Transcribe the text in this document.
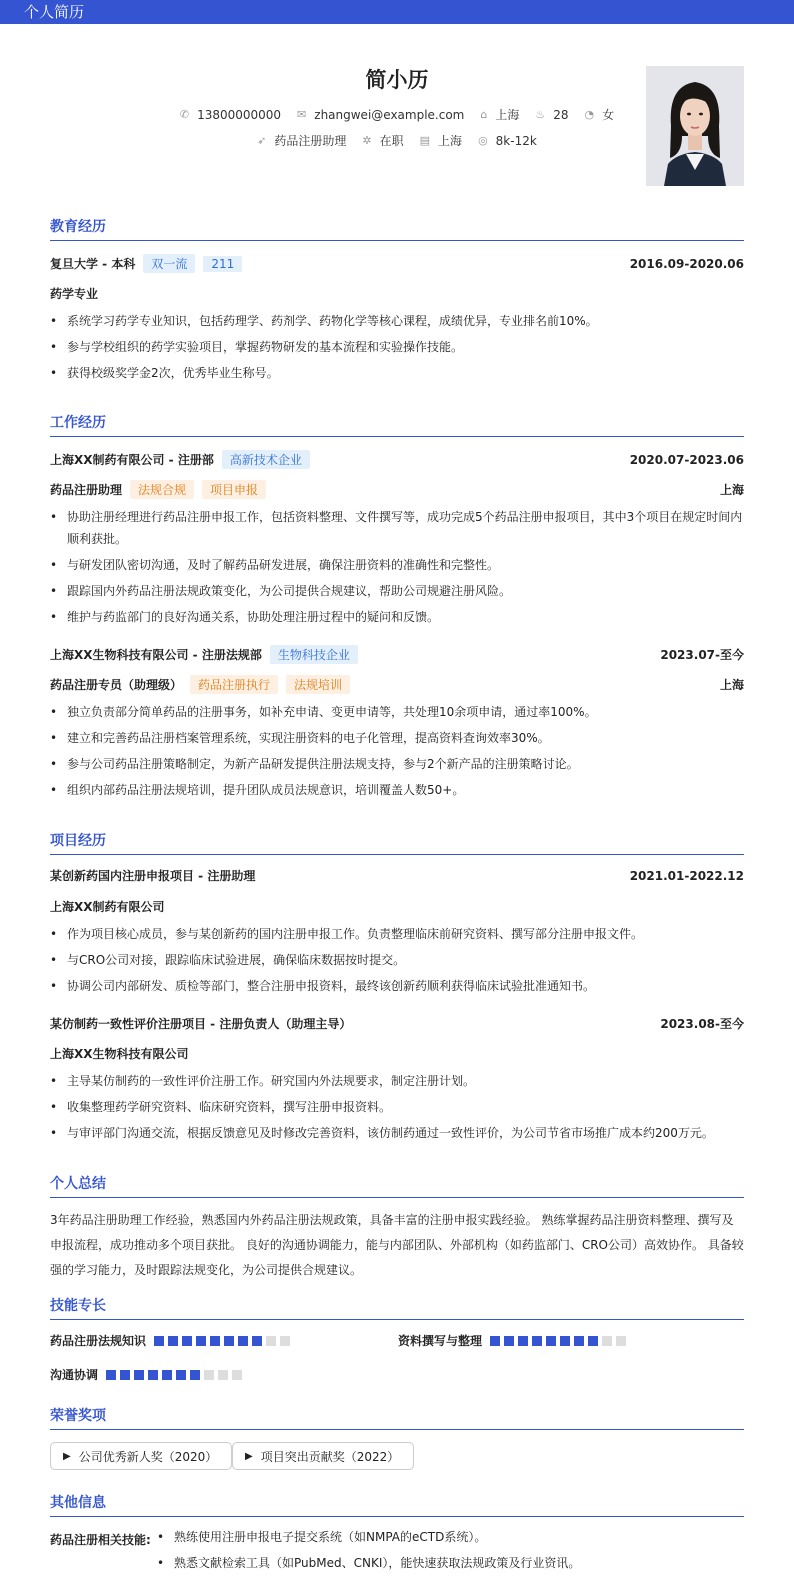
个人简历
简小历
✆ 13800000000 ✉ zhangwei@example.com ⌂ 上海 ♨ 28 ◔ 女
➶ 药品注册助理 ✲ 在职 ▤ 上海 ◎ 8k-12k
教育经历
复旦大学 - 本科	双一流	211	2016.09-2020.06
药学专业
• 系统学习药学专业知识，包括药理学、药剂学、药物化学等核心课程，成绩优异，专业排名前10%。
• 参与学校组织的药学实验项目，掌握药物研发的基本流程和实验操作技能。
• 获得校级奖学金2次，优秀毕业生称号。
工作经历
上海XX制药有限公司 - 注册部	高新技术企业	2020.07-2023.06
药品注册助理	法规合规	项目申报	上海
• 协助注册经理进行药品注册申报工作，包括资料整理、文件撰写等，成功完成5个药品注册申报项目，其中3个项目在规定时间内顺利获批。
• 与研发团队密切沟通，及时了解药品研发进展，确保注册资料的准确性和完整性。
• 跟踪国内外药品注册法规政策变化，为公司提供合规建议，帮助公司规避注册风险。
• 维护与药监部门的良好沟通关系，协助处理注册过程中的疑问和反馈。
上海XX生物科技有限公司 - 注册法规部	生物科技企业	2023.07-至今
药品注册专员（助理级）	药品注册执行	法规培训	上海
• 独立负责部分简单药品的注册事务，如补充申请、变更申请等，共处理10余项申请，通过率100%。
• 建立和完善药品注册档案管理系统，实现注册资料的电子化管理，提高资料查询效率30%。
• 参与公司药品注册策略制定，为新产品研发提供注册法规支持，参与2个新产品的注册策略讨论。
• 组织内部药品注册法规培训，提升团队成员法规意识，培训覆盖人数50+。
项目经历
某创新药国内注册申报项目 - 注册助理	2021.01-2022.12
上海XX制药有限公司
• 作为项目核心成员，参与某创新药的国内注册申报工作。负责整理临床前研究资料、撰写部分注册申报文件。
• 与CRO公司对接，跟踪临床试验进展，确保临床数据按时提交。
• 协调公司内部研发、质检等部门，整合注册申报资料，最终该创新药顺利获得临床试验批准通知书。
某仿制药一致性评价注册项目 - 注册负责人（助理主导）	2023.08-至今
上海XX生物科技有限公司
• 主导某仿制药的一致性评价注册工作。研究国内外法规要求，制定注册计划。
• 收集整理药学研究资料、临床研究资料，撰写注册申报资料。
• 与审评部门沟通交流，根据反馈意见及时修改完善资料，该仿制药通过一致性评价，为公司节省市场推广成本约200万元。
个人总结
3年药品注册助理工作经验，熟悉国内外药品注册法规政策，具备丰富的注册申报实践经验。 熟练掌握药品注册资料整理、撰写及申报流程，成功推动多个项目获批。 良好的沟通协调能力，能与内部团队、外部机构（如药监部门、CRO公司）高效协作。 具备较强的学习能力，及时跟踪法规变化，为公司提供合规建议。
技能专长
药品注册法规知识	资料撰写与整理
沟通协调
荣誉奖项
▶ 公司优秀新人奖（2020）	▶ 项目突出贡献奖（2022）
其他信息
药品注册相关技能:
•	熟练使用注册申报电子提交系统（如NMPA的eCTD系统）。
• 熟悉文献检索工具（如PubMed、CNKI），能快速获取法规政策及行业资讯。
